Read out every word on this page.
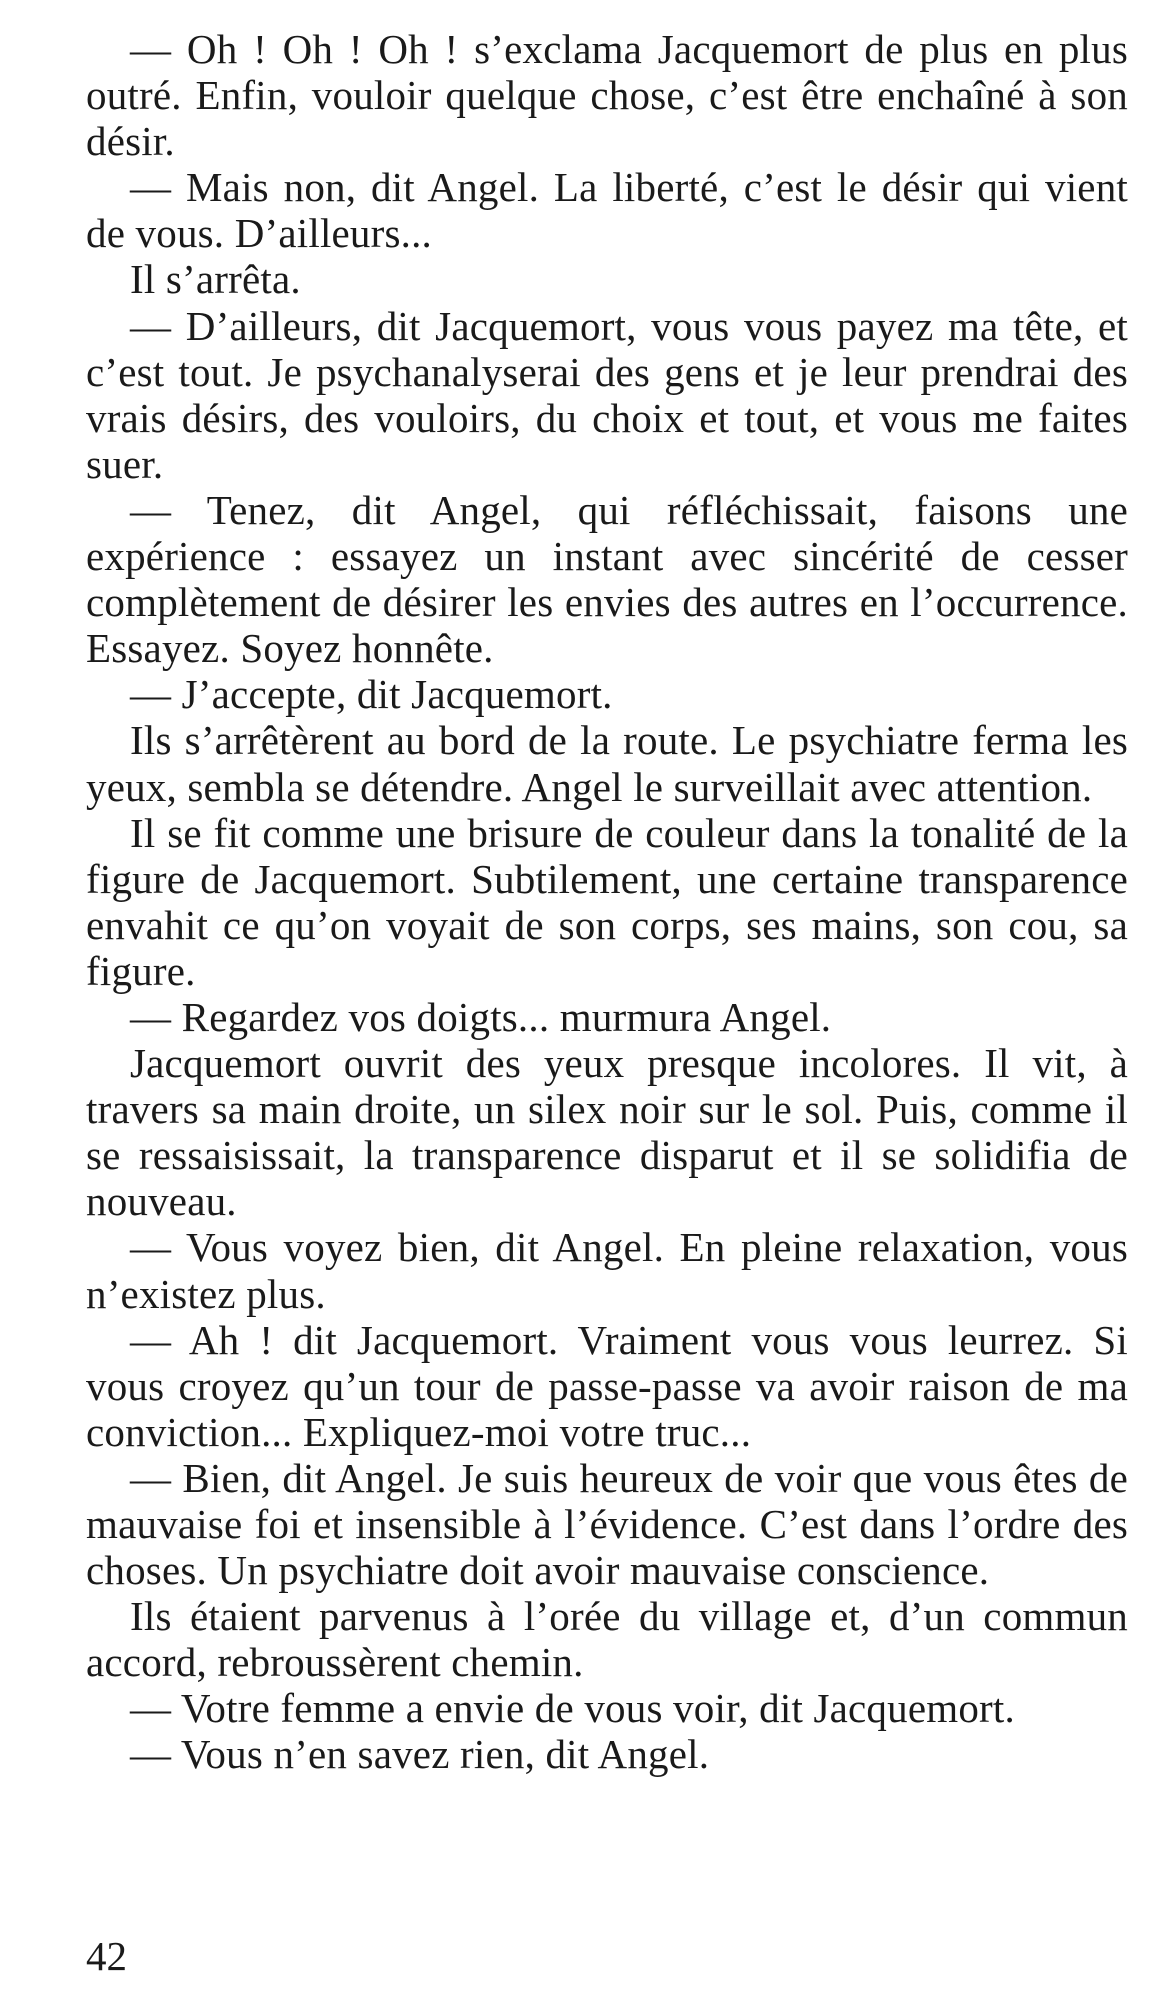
— Oh ! Oh ! Oh ! s’exclama Jacquemort de plus en plus outré. Enfin, vouloir quelque chose, c’est être enchaîné à son désir.

— Mais non, dit Angel. La liberté, c’est le désir qui vient de vous. D’ailleurs...

Il s’arrêta.

— D’ailleurs, dit Jacquemort, vous vous payez ma tête, et c’est tout. Je psychanalyserai des gens et je leur prendrai des vrais désirs, des vouloirs, du choix et tout, et vous me faites suer.

— Tenez, dit Angel, qui réfléchissait, faisons une expérience : essayez un instant avec sincérité de cesser complètement de désirer les envies des autres en l’occurrence. Essayez. Soyez honnête.

— J’accepte, dit Jacquemort.

Ils s’arrêtèrent au bord de la route. Le psychiatre ferma les yeux, sembla se détendre. Angel le surveillait avec attention.

Il se fit comme une brisure de couleur dans la tonalité de la figure de Jacquemort. Subtilement, une certaine transparence envahit ce qu’on voyait de son corps, ses mains, son cou, sa figure.

— Regardez vos doigts... murmura Angel.

Jacquemort ouvrit des yeux presque incolores. Il vit, à travers sa main droite, un silex noir sur le sol. Puis, comme il se ressaisissait, la transparence disparut et il se solidifia de nouveau.

— Vous voyez bien, dit Angel. En pleine relaxation, vous n’existez plus.

— Ah ! dit Jacquemort. Vraiment vous vous leurrez. Si vous croyez qu’un tour de passe-passe va avoir raison de ma conviction... Expliquez-moi votre truc...

— Bien, dit Angel. Je suis heureux de voir que vous êtes de mauvaise foi et insensible à l’évidence. C’est dans l’ordre des choses. Un psychiatre doit avoir mauvaise conscience.

Ils étaient parvenus à l’orée du village et, d’un commun accord, rebroussèrent chemin.

— Votre femme a envie de vous voir, dit Jacquemort.

— Vous n’en savez rien, dit Angel.

42
